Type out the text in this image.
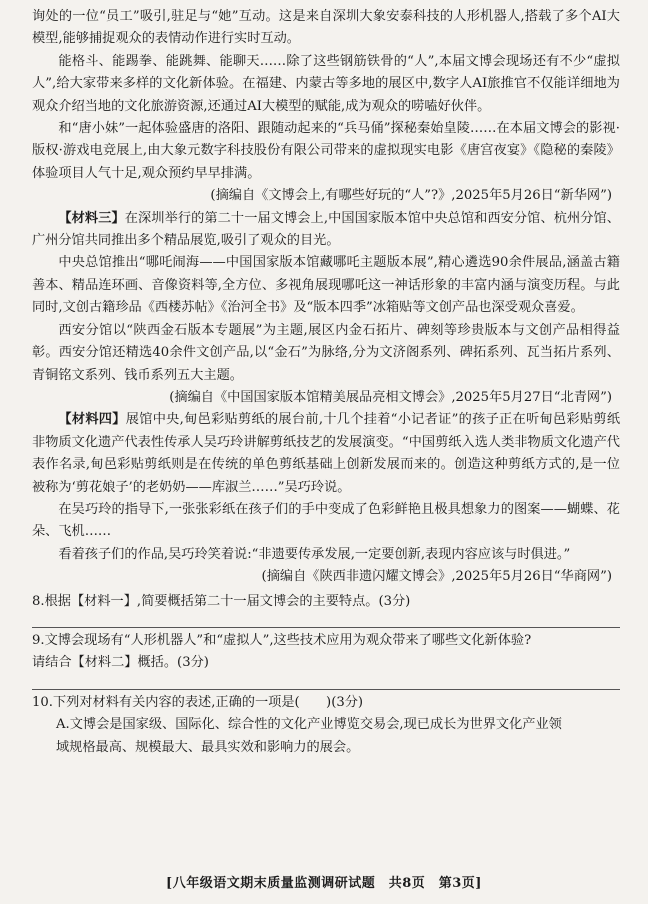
询处的一位“员工”吸引,驻足与“她”互动。这是来自深圳大象安泰科技的人形机器人,搭载了多个AI大模型,能够捕捉观众的表情动作进行实时互动。

能格斗、能踢拳、能跳舞、能聊天……除了这些钢筋铁骨的“人”,本届文博会现场还有不少“虚拟人”,给大家带来多样的文化新体验。在福建、内蒙古等多地的展区中,数字人AI旅推官不仅能详细地为观众介绍当地的文化旅游资源,还通过AI大模型的赋能,成为观众的唠嗑好伙伴。

和“唐小妹”一起体验盛唐的洛阳、跟随动起来的“兵马俑”探秘秦始皇陵……在本届文博会的影视·版权·游戏电竞展上,由大象元数字科技股份有限公司带来的虚拟现实电影《唐宫夜宴》《隐秘的秦陵》体验项目人气十足,观众预约早早排满。

(摘编自《文博会上,有哪些好玩的“人”?》,2025年5月26日“新华网”)

【材料三】在深圳举行的第二十一届文博会上,中国国家版本馆中央总馆和西安分馆、杭州分馆、广州分馆共同推出多个精品展览,吸引了观众的目光。

中央总馆推出“哪吒闹海——中国国家版本馆藏哪吒主题版本展”,精心遴选90余件展品,涵盖古籍善本、精品连环画、音像资料等,全方位、多视角展现哪吒这一神话形象的丰富内涵与演变历程。与此同时,文创古籍珍品《西楼苏帖》《治河全书》及“版本四季”冰箱贴等文创产品也深受观众喜爱。

西安分馆以“陕西金石版本专题展”为主题,展区内金石拓片、碑刻等珍贵版本与文创产品相得益彰。西安分馆还精选40余件文创产品,以“金石”为脉络,分为文济阁系列、碑拓系列、瓦当拓片系列、青铜铭文系列、钱币系列五大主题。

(摘编自《中国国家版本馆精美展品亮相文博会》,2025年5月27日“北青网”)

【材料四】展馆中央,甸邑彩贴剪纸的展台前,十几个挂着“小记者证”的孩子正在听甸邑彩贴剪纸非物质文化遗产代表性传承人吴巧玲讲解剪纸技艺的发展演变。“中国剪纸入选人类非物质文化遗产代表作名录,甸邑彩贴剪纸则是在传统的单色剪纸基础上创新发展而来的。创造这种剪纸方式的,是一位被称为‘剪花娘子’的老奶奶——库淑兰……”吴巧玲说。

在吴巧玲的指导下,一张张彩纸在孩子们的手中变成了色彩鲜艳且极具想象力的图案——蝴蝶、花朵、飞机……

看着孩子们的作品,吴巧玲笑着说:“非遗要传承发展,一定要创新,表现内容应该与时俱进。”

(摘编自《陕西非遗闪耀文博会》,2025年5月26日“华商网”)

8.根据【材料一】,简要概括第二十一届文博会的主要特点。(3分)

9.文博会现场有“人形机器人”和“虚拟人”,这些技术应用为观众带来了哪些文化新体验?

请结合【材料二】概括。(3分)

10.下列对材料有关内容的表述,正确的一项是(　　)(3分)

A.文博会是国家级、国际化、综合性的文化产业博览交易会,现已成长为世界文化产业领

域规格最高、规模最大、最具实效和影响力的展会。

[八年级语文期末质量监测调研试题　共8页　第3页]
